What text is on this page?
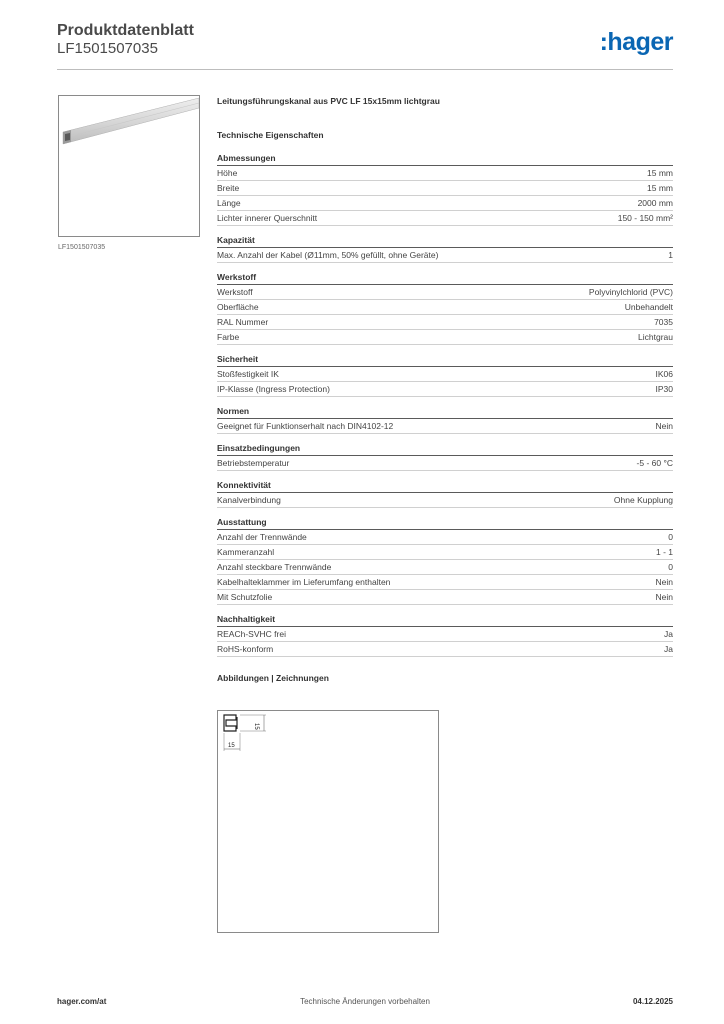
Produktdatenblatt
LF1501507035	:hager
LF1501507035
Leitungsführungskanal aus PVC LF 15x15mm lichtgrau
Technische Eigenschaften
Abmessungen
Höhe	15 mm
Breite	15 mm
Länge	2000 mm
Lichter innerer Querschnitt	150 - 150 mm²
Kapazität
Max. Anzahl der Kabel (Ø11mm, 50% gefüllt, ohne Geräte)	1
Werkstoff
Werkstoff	Polyvinylchlorid (PVC)
Oberfläche	Unbehandelt
RAL Nummer	7035
Farbe	Lichtgrau
Sicherheit
Stoßfestigkeit IK	IK06
IP-Klasse (Ingress Protection)	IP30
Normen
Geeignet für Funktionserhalt nach DIN4102-12	Nein
Einsatzbedingungen
Betriebstemperatur	-5 - 60 °C
Konnektivität
Kanalverbindung	Ohne Kupplung
Ausstattung
Anzahl der Trennwände	0
Kammeranzahl	1 - 1
Anzahl steckbare Trennwände	0
Kabelhalteklammer im Lieferumfang enthalten	Nein
Mit Schutzfolie	Nein
Nachhaltigkeit
REACh-SVHC frei	Ja
RoHS-konform	Ja
Abbildungen | Zeichnungen
15
15
hager.com/at	Technische Änderungen vorbehalten	04.12.2025
